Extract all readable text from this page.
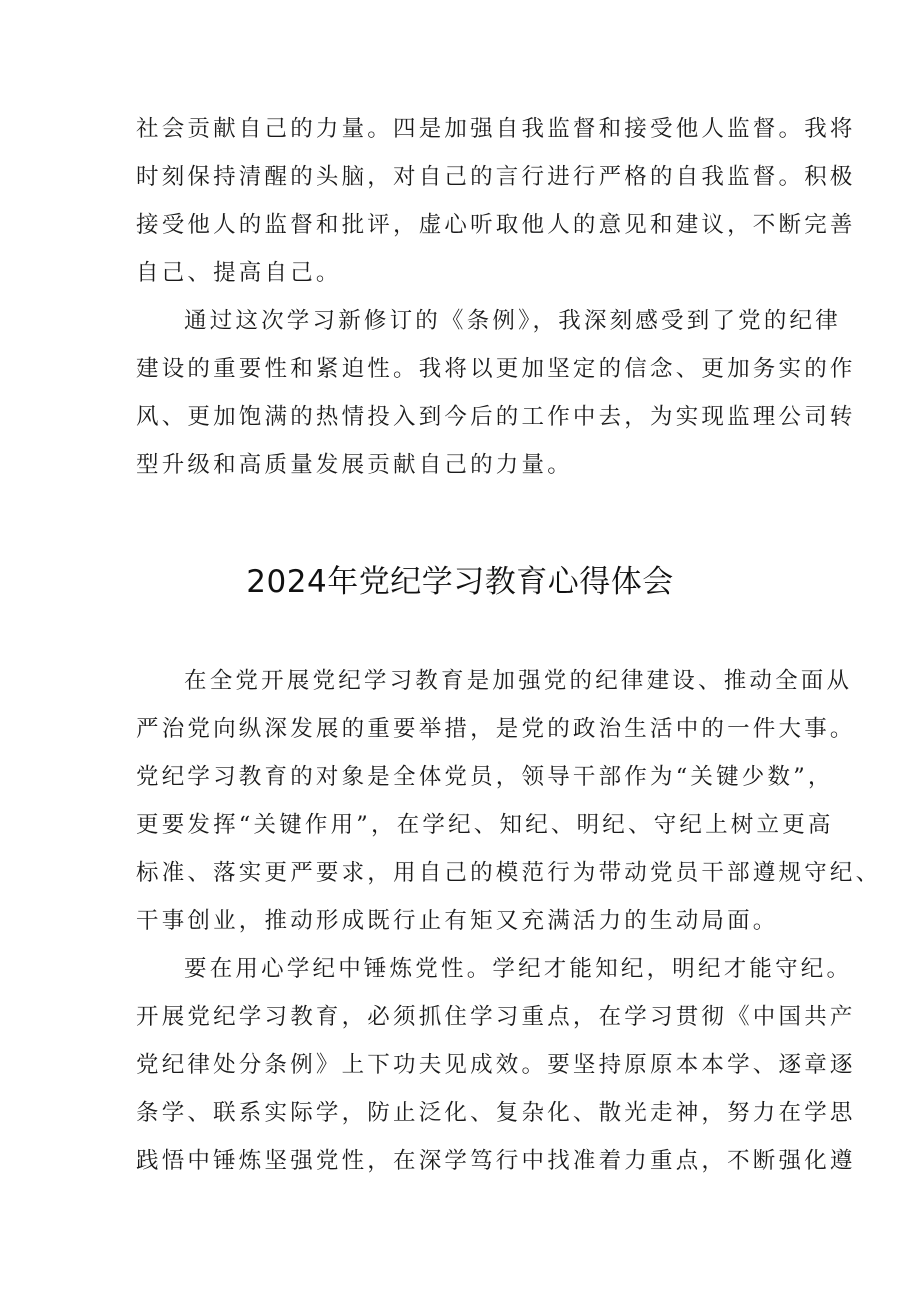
社会贡献自己的力量。四是加强自我监督和接受他人监督。我将
时刻保持清醒的头脑，对自己的言行进行严格的自我监督。积极
接受他人的监督和批评，虚心听取他人的意见和建议，不断完善
自己、提高自己。
通过这次学习新修订的《条例》，我深刻感受到了党的纪律
建设的重要性和紧迫性。我将以更加坚定的信念、更加务实的作
风、更加饱满的热情投入到今后的工作中去，为实现监理公司转
型升级和高质量发展贡献自己的力量。
2024年党纪学习教育心得体会
在全党开展党纪学习教育是加强党的纪律建设、推动全面从
严治党向纵深发展的重要举措，是党的政治生活中的一件大事。
党纪学习教育的对象是全体党员，领导干部作为“关键少数”，
更要发挥“关键作用”，在学纪、知纪、明纪、守纪上树立更高
标准、落实更严要求，用自己的模范行为带动党员干部遵规守纪、
干事创业，推动形成既行止有矩又充满活力的生动局面。
要在用心学纪中锤炼党性。学纪才能知纪，明纪才能守纪。
开展党纪学习教育，必须抓住学习重点，在学习贯彻《中国共产
党纪律处分条例》上下功夫见成效。要坚持原原本本学、逐章逐
条学、联系实际学，防止泛化、复杂化、散光走神，努力在学思
践悟中锤炼坚强党性，在深学笃行中找准着力重点，不断强化遵
